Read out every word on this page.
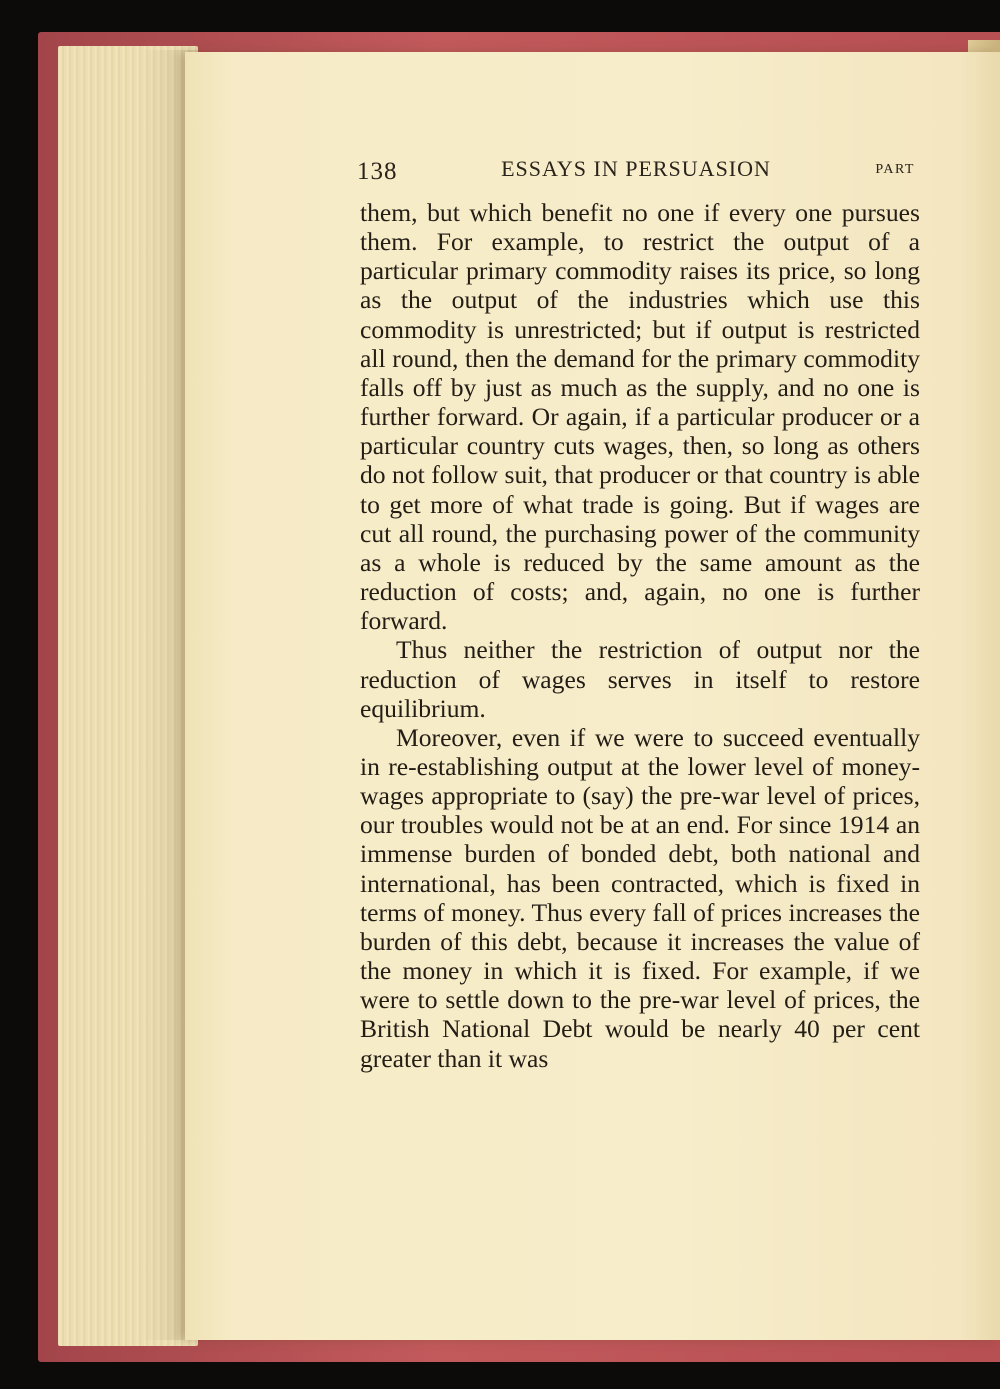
138	ESSAYS IN PERSUASION	PART

them, but which benefit no one if every one pursues them. For example, to restrict the output of a particular primary commodity raises its price, so long as the output of the industries which use this commodity is unrestricted; but if output is restricted all round, then the demand for the primary commodity falls off by just as much as the supply, and no one is further forward. Or again, if a particular producer or a particular country cuts wages, then, so long as others do not follow suit, that producer or that country is able to get more of what trade is going. But if wages are cut all round, the purchasing power of the community as a whole is reduced by the same amount as the reduction of costs; and, again, no one is further forward.

Thus neither the restriction of output nor the reduction of wages serves in itself to restore equilibrium.

Moreover, even if we were to succeed eventually in re-establishing output at the lower level of money-wages appropriate to (say) the pre-war level of prices, our troubles would not be at an end. For since 1914 an immense burden of bonded debt, both national and international, has been contracted, which is fixed in terms of money. Thus every fall of prices increases the burden of this debt, because it increases the value of the money in which it is fixed. For example, if we were to settle down to the pre-war level of prices, the British National Debt would be nearly 40 per cent greater than it was
